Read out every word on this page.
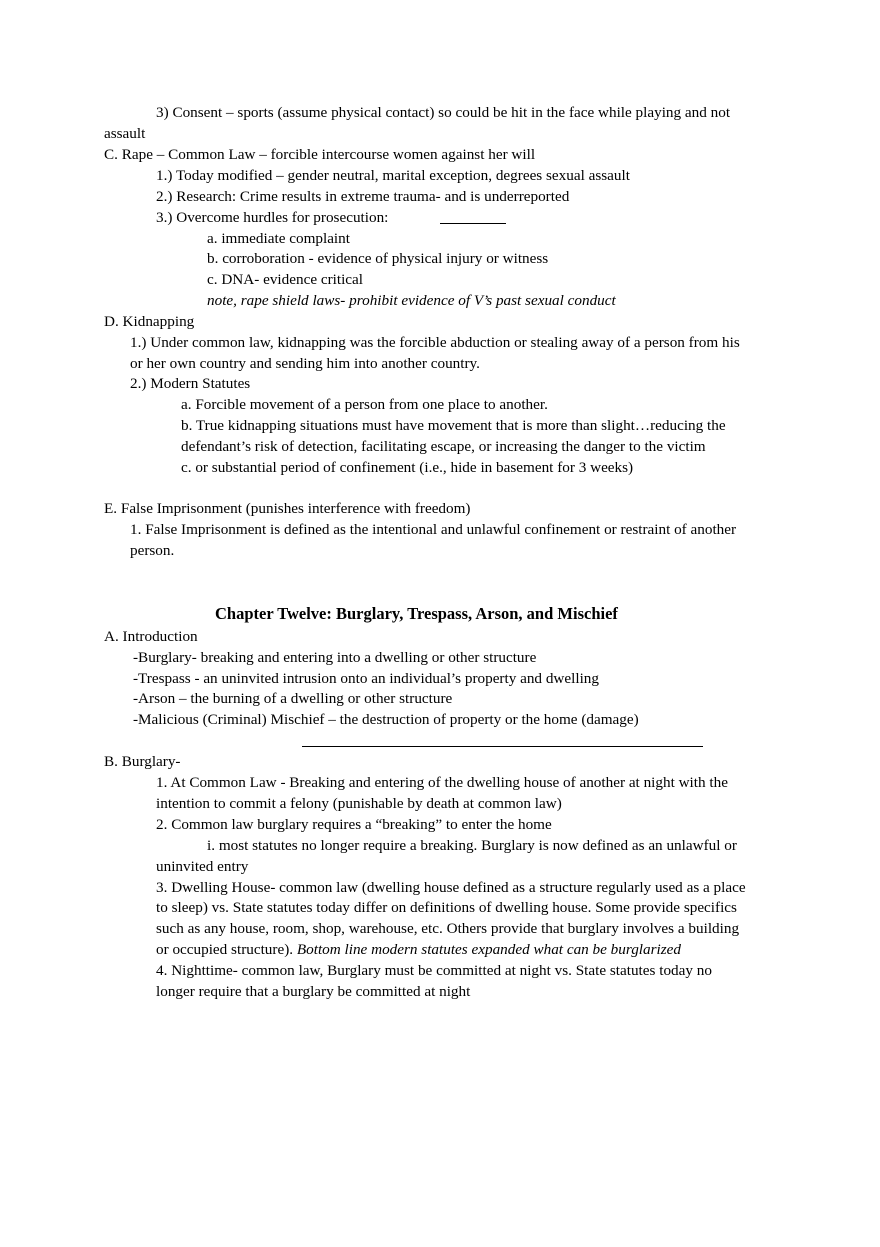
3) Consent – sports (assume physical contact) so could be hit in the face while playing and not
assault
C. Rape – Common Law – forcible intercourse women against her will
1.) Today modified – gender neutral, marital exception, degrees sexual assault
2.) Research: Crime results in extreme trauma- and is underreported
3.) Overcome hurdles for prosecution:
a. immediate complaint
b. corroboration - evidence of physical injury or witness
c. DNA- evidence critical
note, rape shield laws- prohibit evidence of V’s past sexual conduct
D. Kidnapping
1.) Under common law, kidnapping was the forcible abduction or stealing away of a person from his
or her own country and sending him into another country.
2.) Modern Statutes
a. Forcible movement of a person from one place to another.
b. True kidnapping situations must have movement that is more than slight…reducing the
defendant’s risk of detection, facilitating escape, or increasing the danger to the victim
c. or substantial period of confinement (i.e., hide in basement for 3 weeks)
E. False Imprisonment (punishes interference with freedom)
1. False Imprisonment is defined as the intentional and unlawful confinement or restraint of another
person.
Chapter Twelve: Burglary, Trespass, Arson, and Mischief
A. Introduction
-Burglary- breaking and entering into a dwelling or other structure
-Trespass - an uninvited intrusion onto an individual’s property and dwelling
-Arson – the burning of a dwelling or other structure
-Malicious (Criminal) Mischief – the destruction of property or the home (damage)
B. Burglary-
1. At Common Law - Breaking and entering of the dwelling house of another at night with the
intention to commit a felony (punishable by death at common law)
2. Common law burglary requires a “breaking” to enter the home
i. most statutes no longer require a breaking. Burglary is now defined as an unlawful or
uninvited entry
3. Dwelling House- common law (dwelling house defined as a structure regularly used as a place
to sleep) vs. State statutes today differ on definitions of dwelling house. Some provide specifics
such as any house, room, shop, warehouse, etc. Others provide that burglary involves a building
or occupied structure). Bottom line modern statutes expanded what can be burglarized
4. Nighttime- common law, Burglary must be committed at night vs. State statutes today no
longer require that a burglary be committed at night
